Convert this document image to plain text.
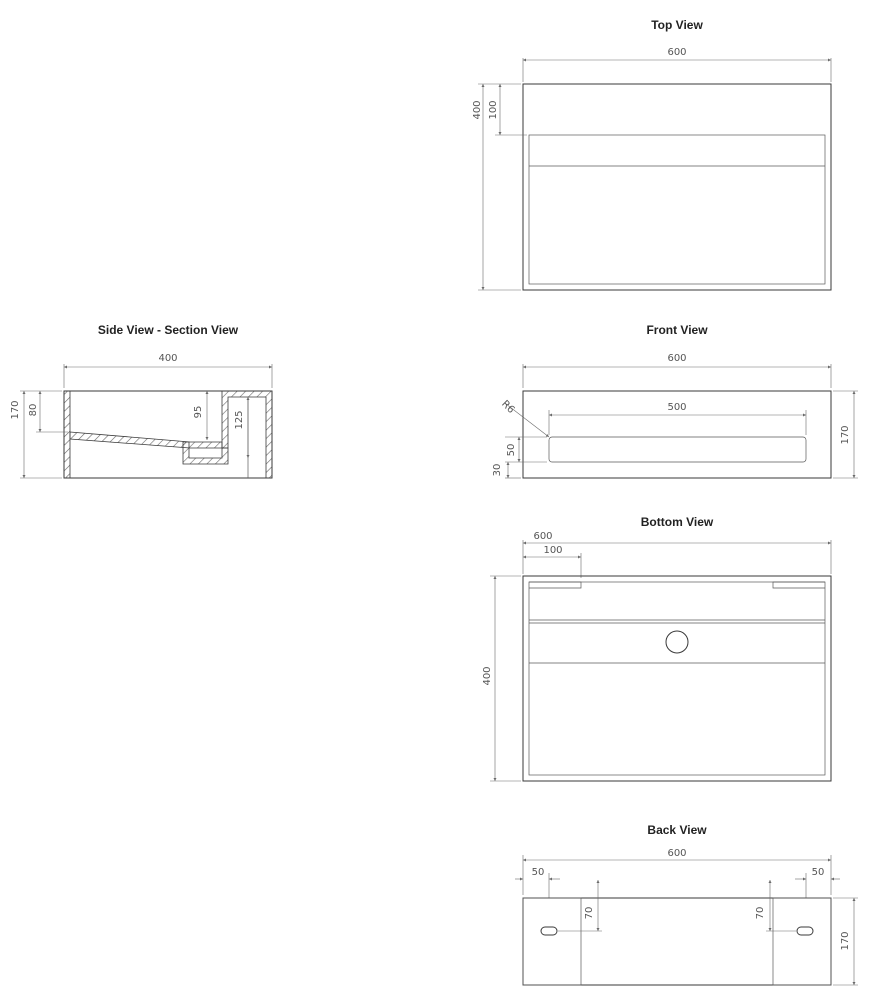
Top View
600
400 100
Side View - Section View
400
170 80	95	125
Front View
600
500
R6
170
50
30
Bottom View
600
100
400
Back View
600
50	50
70	70
170
